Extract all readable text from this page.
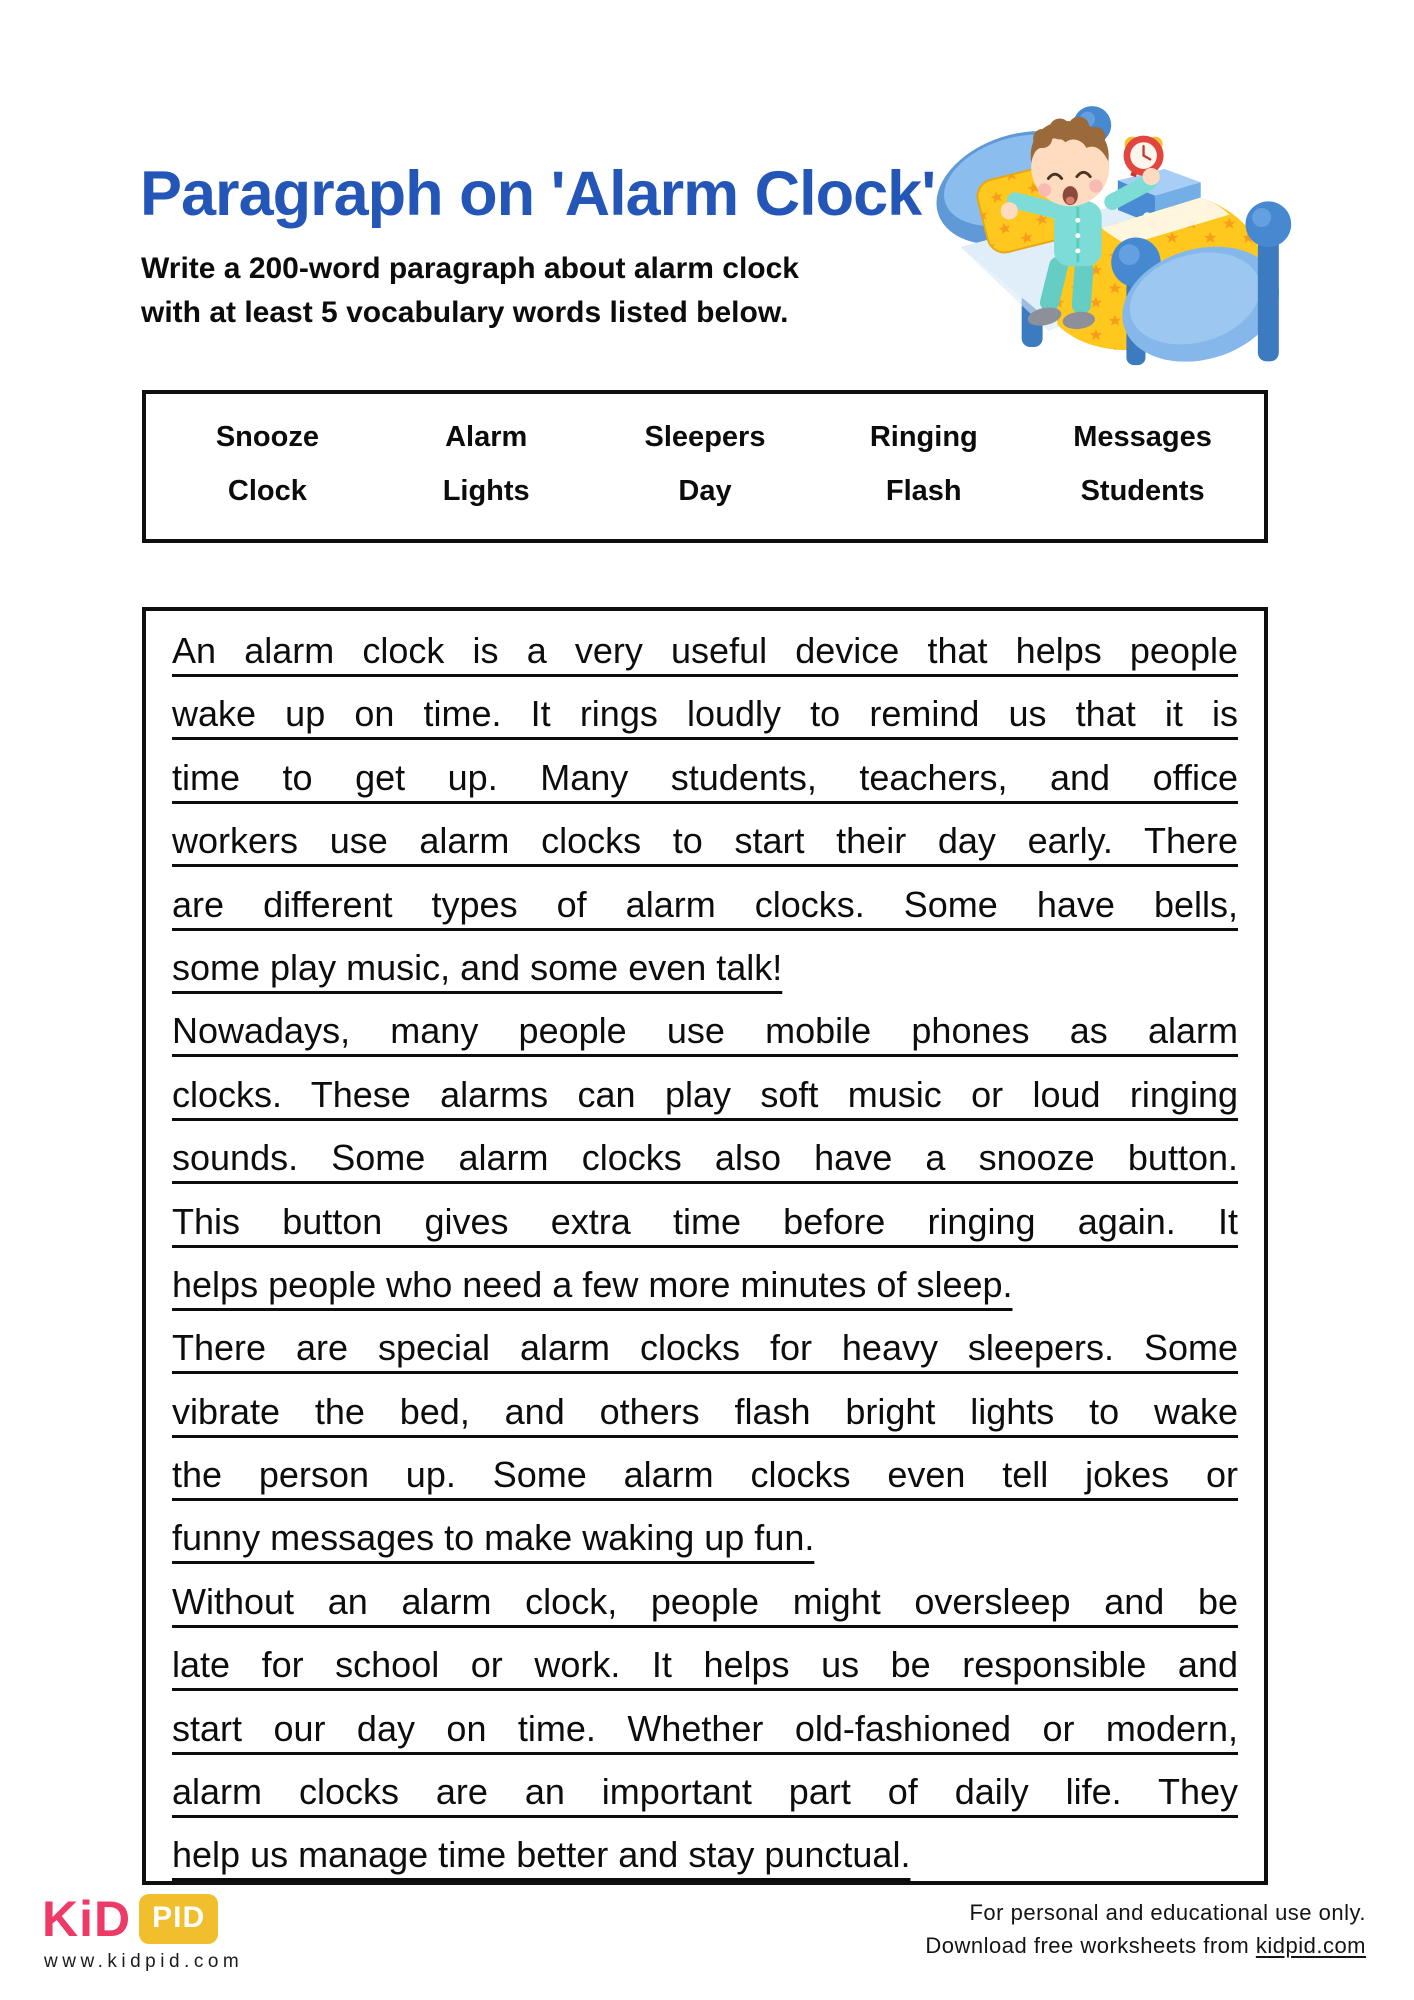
Paragraph on 'Alarm Clock'
Write a 200-word paragraph about alarm clock
with at least 5 vocabulary words listed below.
Snooze	Alarm	Sleepers	Ringing	Messages
Clock	Lights	Day	Flash	Students
An alarm clock is a very useful device that helps people
wake up on time. It rings loudly to remind us that it is
time to get up. Many students, teachers, and office
workers use alarm clocks to start their day early. There
are different types of alarm clocks. Some have bells,
some play music, and some even talk!
Nowadays, many people use mobile phones as alarm
clocks. These alarms can play soft music or loud ringing
sounds. Some alarm clocks also have a snooze button.
This button gives extra time before ringing again. It
helps people who need a few more minutes of sleep.
There are special alarm clocks for heavy sleepers. Some
vibrate the bed, and others flash bright lights to wake
the person up. Some alarm clocks even tell jokes or
funny messages to make waking up fun.
Without an alarm clock, people might oversleep and be
late for school or work. It helps us be responsible and
start our day on time. Whether old-fashioned or modern,
alarm clocks are an important part of daily life. They
help us manage time better and stay punctual.
KiD PID
www.kidpid.com
For personal and educational use only.
Download free worksheets from kidpid.com
